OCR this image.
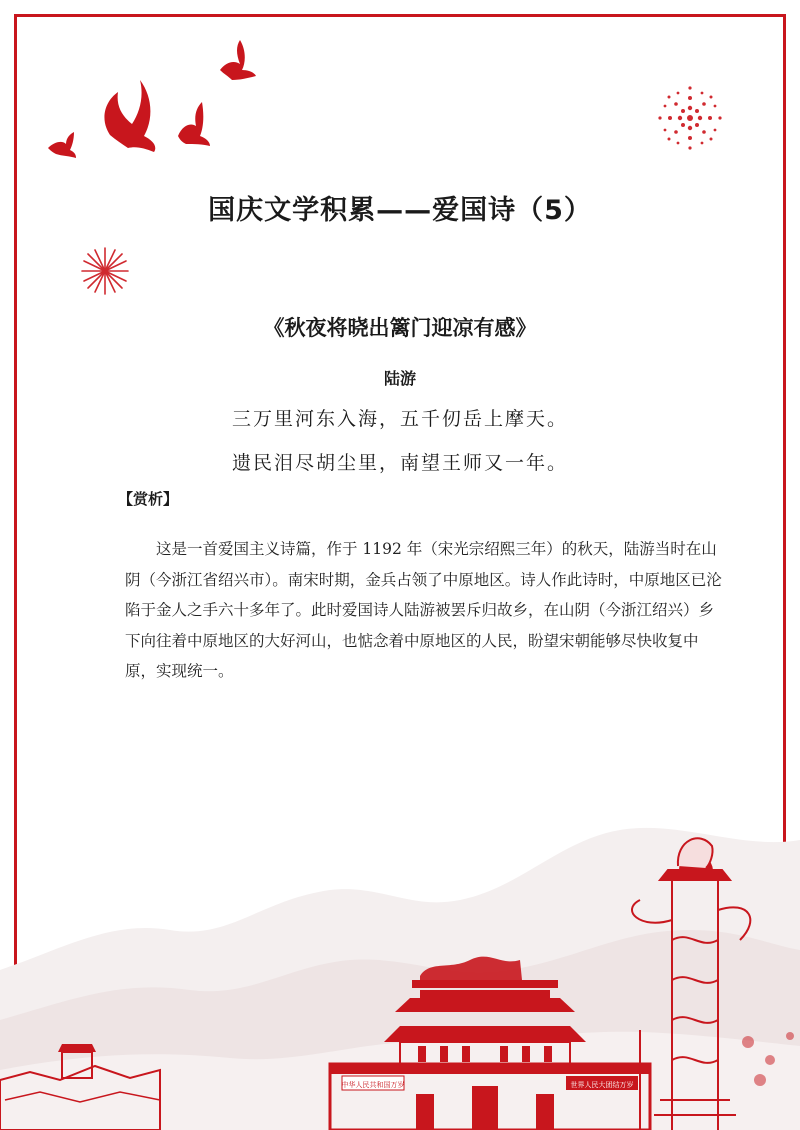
国庆文学积累——爱国诗（5）
《秋夜将晓出篱门迎凉有感》
陆游
三万里河东入海，五千仞岳上摩天。
遗民泪尽胡尘里，南望王师又一年。
【赏析】

这是一首爱国主义诗篇，作于 1192 年（宋光宗绍熙三年）的秋天，陆游当时在山阴（今浙江省绍兴市）。南宋时期，金兵占领了中原地区。诗人作此诗时，中原地区已沦陷于金人之手六十多年了。此时爱国诗人陆游被罢斥归故乡，在山阴（今浙江绍兴）乡下向往着中原地区的大好河山，也惦念着中原地区的人民，盼望宋朝能够尽快收复中原，实现统一。

中华人民共和国万岁	世界人民大团结万岁
